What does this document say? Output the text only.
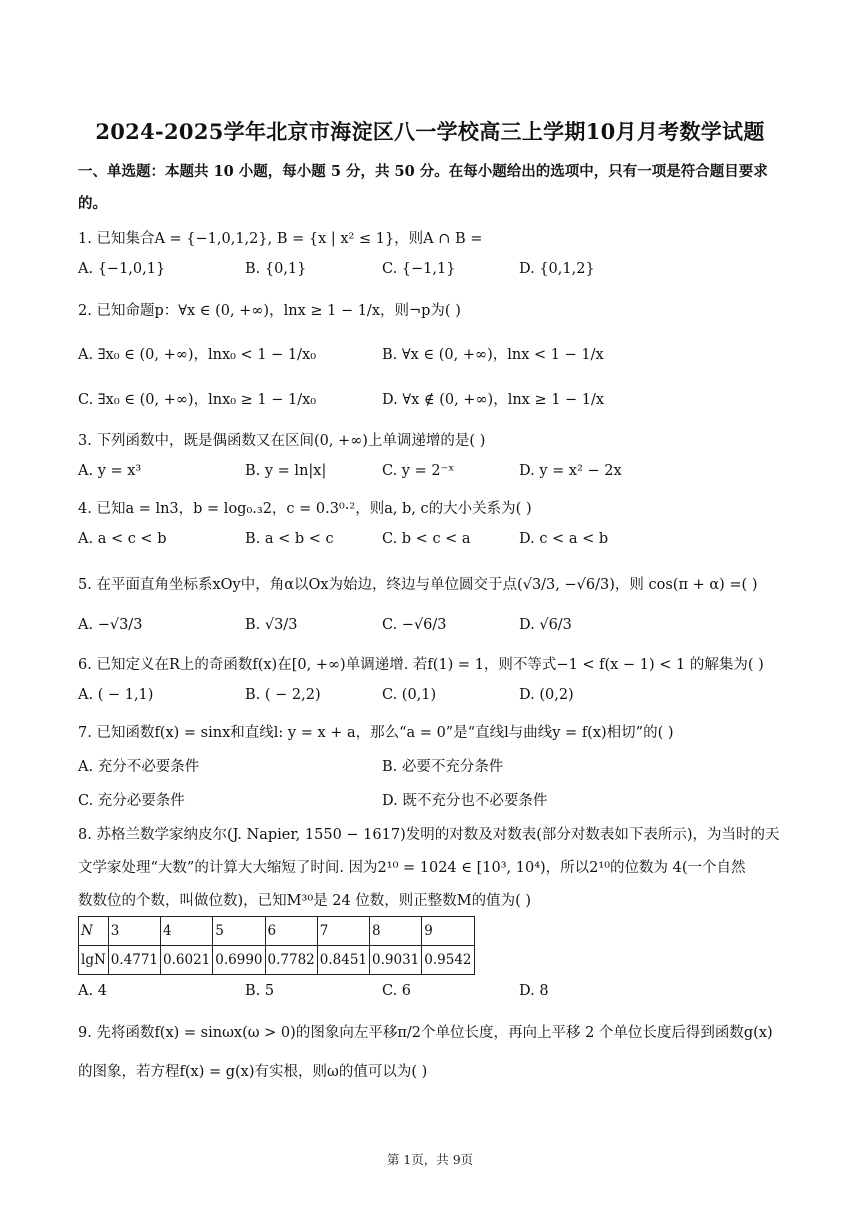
2024-2025学年北京市海淀区八一学校高三上学期10月月考数学试题
一、单选题：本题共 10 小题，每小题 5 分，共 50 分。在每小题给出的选项中，只有一项是符合题目要求
的。
1. 已知集合A = {−1,0,1,2}, B = {x | x² ≤ 1}，则A ∩ B =
A. {−1,0,1}	B. {0,1}	C. {−1,1}	D. {0,1,2}
2. 已知命题p：∀x ∈ (0, +∞)，lnx ≥ 1 − 1/x，则¬p为( )
A. ∃x₀ ∈ (0, +∞)，lnx₀ < 1 − 1/x₀	B. ∀x ∈ (0, +∞)，lnx < 1 − 1/x
C. ∃x₀ ∈ (0, +∞)，lnx₀ ≥ 1 − 1/x₀	D. ∀x ∉ (0, +∞)，lnx ≥ 1 − 1/x
3. 下列函数中，既是偶函数又在区间(0, +∞)上单调递增的是( )
A. y = x³	B. y = ln|x|	C. y = 2⁻ˣ	D. y = x² − 2x
4. 已知a = ln3，b = log₀.₃2，c = 0.3⁰·²，则a, b, c的大小关系为( )
A. a < c < b	B. a < b < c	C. b < c < a	D. c < a < b
5. 在平面直角坐标系xOy中，角α以Ox为始边，终边与单位圆交于点(√3/3, −√6/3)，则 cos(π + α) =( )
A. −√3/3	B. √3/3	C. −√6/3	D. √6/3
6. 已知定义在R上的奇函数f(x)在[0, +∞)单调递增. 若f(1) = 1，则不等式−1 < f(x − 1) < 1 的解集为( )
A. ( − 1,1)	B. ( − 2,2)	C. (0,1)	D. (0,2)
7. 已知函数f(x) = sinx和直线l: y = x + a，那么“a = 0”是“直线l与曲线y = f(x)相切”的( )
A. 充分不必要条件	B. 必要不充分条件
C. 充分必要条件	D. 既不充分也不必要条件
8. 苏格兰数学家纳皮尔(J. Napier, 1550 − 1617)发明的对数及对数表(部分对数表如下表所示)，为当时的天
文学家处理“大数”的计算大大缩短了时间. 因为2¹⁰ = 1024 ∈ [10³, 10⁴)，所以2¹⁰的位数为 4(一个自然
数数位的个数，叫做位数)，已知M³⁰是 24 位数，则正整数M的值为( )
N	3	4	5	6	7	8	9
lgN	0.4771	0.6021	0.6990	0.7782	0.8451	0.9031	0.9542
A. 4	B. 5	C. 6	D. 8
9. 先将函数f(x) = sinωx(ω > 0)的图象向左平移π/2个单位长度，再向上平移 2 个单位长度后得到函数g(x)
的图象，若方程f(x) = g(x)有实根，则ω的值可以为( )
第 1页，共 9页
